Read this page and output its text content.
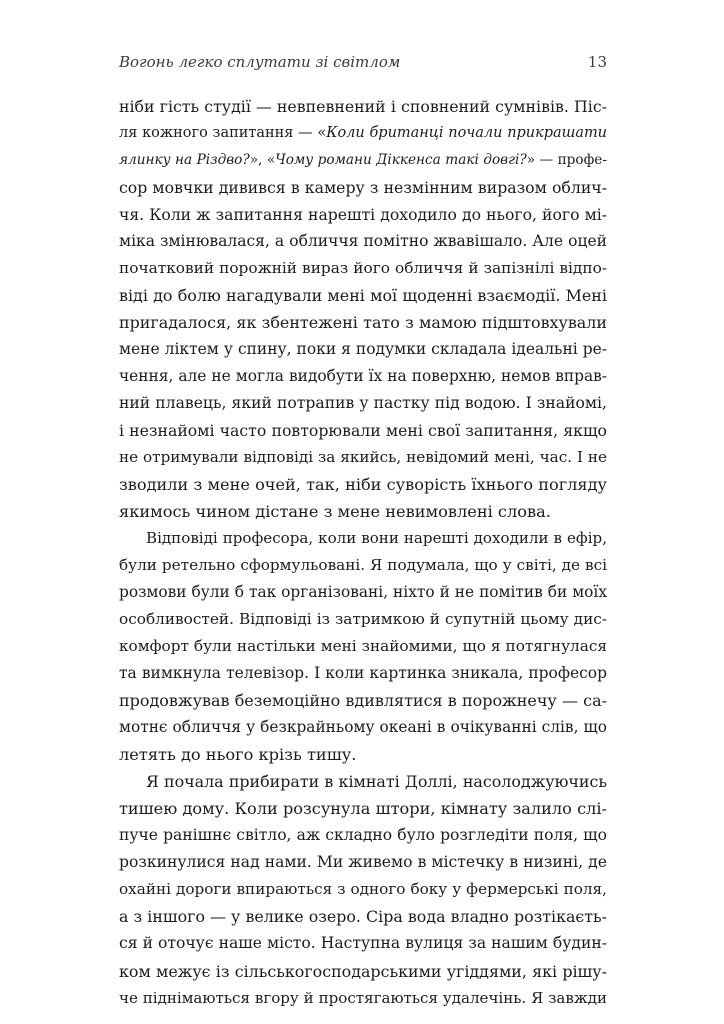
Вогонь легко сплутати зі світлом	13
ніби гість студії — невпевнений і сповнений сумнівів. Піс-
ля кожного запитання — «Коли британці почали прикрашати
ялинку на Різдво?», «Чому романи Діккенса такі довгі?» — профе-
сор мовчки дивився в камеру з незмінним виразом облич-
чя. Коли ж запитання нарешті доходило до нього, його мі-
міка змінювалася, а обличчя помітно жвавішало. Але оцей
початковий порожній вираз його обличчя й запізнілі відпо-
віді до болю нагадували мені мої щоденні взаємодії. Мені
пригадалося, як збентежені тато з мамою підштовхували
мене ліктем у спину, поки я подумки складала ідеальні ре-
чення, але не могла видобути їх на поверхню, немов вправ-
ний плавець, який потрапив у пастку під водою. І знайомі,
і незнайомі часто повторювали мені свої запитання, якщо
не отримували відповіді за якийсь, невідомий мені, час. І не
зводили з мене очей, так, ніби суворість їхнього погляду
якимось чином дістане з мене невимовлені слова.
Відповіді професора, коли вони нарешті доходили в ефір,
були ретельно сформульовані. Я подумала, що у світі, де всі
розмови були б так організовані, ніхто й не помітив би моїх
особливостей. Відповіді із затримкою й супутній цьому дис-
комфорт були настільки мені знайомими, що я потягнулася
та вимкнула телевізор. І коли картинка зникала, професор
продовжував беземоційно вдивлятися в порожнечу — са-
мотнє обличчя у безкрайньому океані в очікуванні слів, що
летять до нього крізь тишу.
Я почала прибирати в кімнаті Доллі, насолоджуючись
тишею дому. Коли розсунула штори, кімнату залило слі-
пуче ранішнє світло, аж складно було розгледіти поля, що
розкинулися над нами. Ми живемо в містечку в низині, де
охайні дороги впираються з одного боку у фермерські поля,
а з іншого — у велике озеро. Сіра вода владно розтікаєть-
ся й оточує наше місто. Наступна вулиця за нашим будин-
ком межує із сільськогосподарськими угіддями, які рішу-
че піднімаються вгору й простягаються удалечінь. Я завжди
